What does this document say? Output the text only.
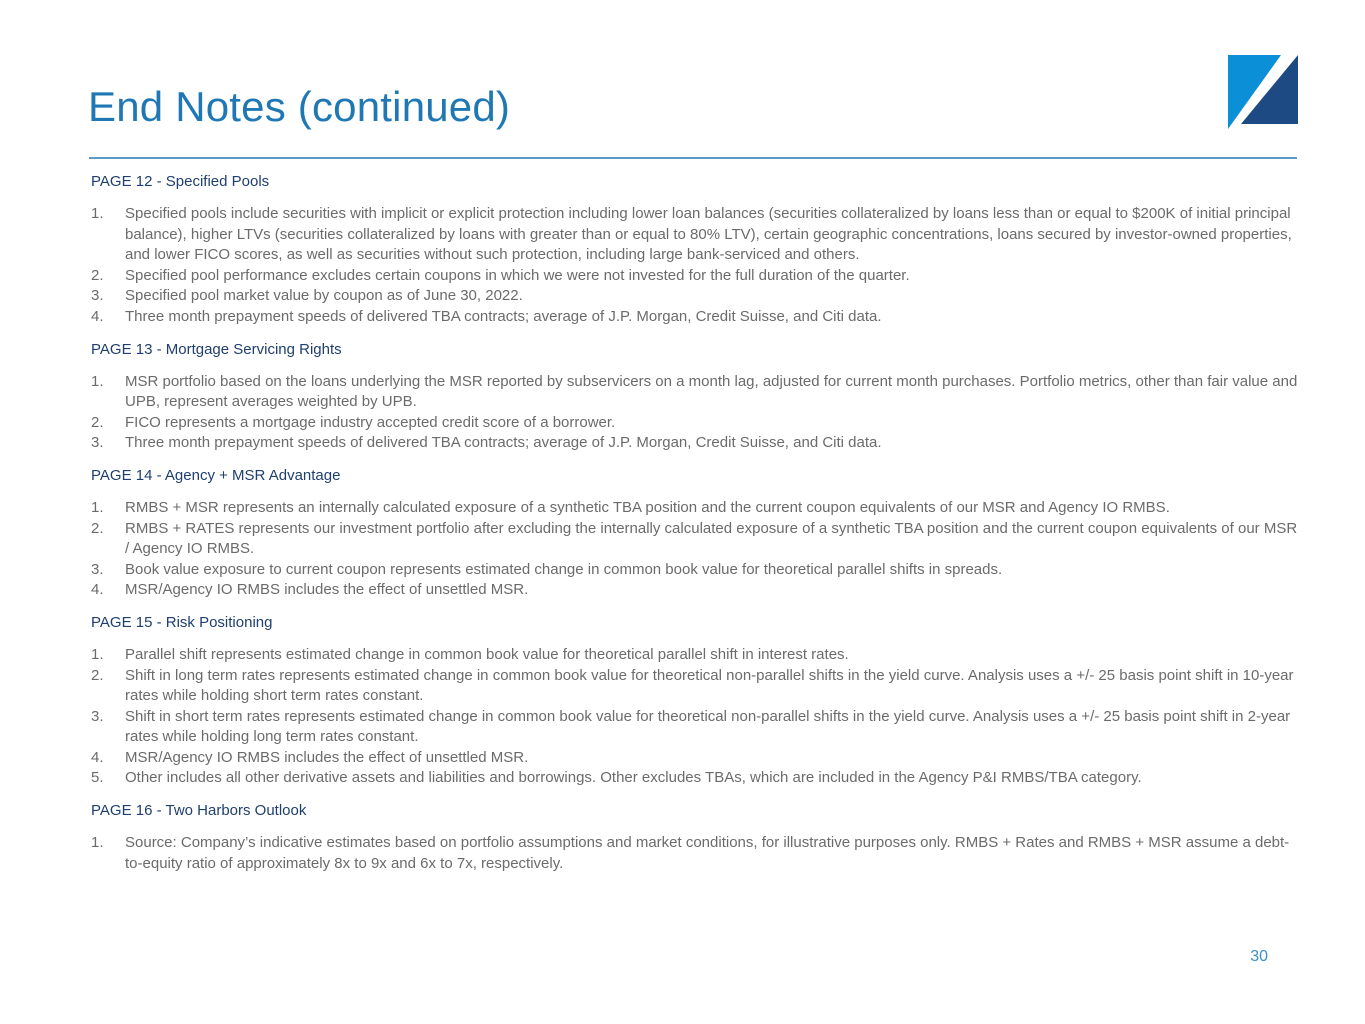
End Notes (continued)
PAGE 12 - Specified Pools
1. Specified pools include securities with implicit or explicit protection including lower loan balances (securities collateralized by loans less than or equal to $200K of initial principal balance), higher LTVs (securities collateralized by loans with greater than or equal to 80% LTV), certain geographic concentrations, loans secured by investor-owned properties, and lower FICO scores, as well as securities without such protection, including large bank-serviced and others.
2. Specified pool performance excludes certain coupons in which we were not invested for the full duration of the quarter.
3. Specified pool market value by coupon as of June 30, 2022.
4. Three month prepayment speeds of delivered TBA contracts; average of J.P. Morgan, Credit Suisse, and Citi data.
PAGE 13 - Mortgage Servicing Rights
1. MSR portfolio based on the loans underlying the MSR reported by subservicers on a month lag, adjusted for current month purchases. Portfolio metrics, other than fair value and UPB, represent averages weighted by UPB.
2. FICO represents a mortgage industry accepted credit score of a borrower.
3. Three month prepayment speeds of delivered TBA contracts; average of J.P. Morgan, Credit Suisse, and Citi data.
PAGE 14 - Agency + MSR Advantage
1. RMBS + MSR represents an internally calculated exposure of a synthetic TBA position and the current coupon equivalents of our MSR and Agency IO RMBS.
2. RMBS + RATES represents our investment portfolio after excluding the internally calculated exposure of a synthetic TBA position and the current coupon equivalents of our MSR / Agency IO RMBS.
3. Book value exposure to current coupon represents estimated change in common book value for theoretical parallel shifts in spreads.
4. MSR/Agency IO RMBS includes the effect of unsettled MSR.
PAGE 15 - Risk Positioning
1. Parallel shift represents estimated change in common book value for theoretical parallel shift in interest rates.
2. Shift in long term rates represents estimated change in common book value for theoretical non-parallel shifts in the yield curve. Analysis uses a +/- 25 basis point shift in 10-year rates while holding short term rates constant.
3. Shift in short term rates represents estimated change in common book value for theoretical non-parallel shifts in the yield curve. Analysis uses a +/- 25 basis point shift in 2-year rates while holding long term rates constant.
4. MSR/Agency IO RMBS includes the effect of unsettled MSR.
5. Other includes all other derivative assets and liabilities and borrowings. Other excludes TBAs, which are included in the Agency P&I RMBS/TBA category.
PAGE 16 - Two Harbors Outlook
1. Source: Company’s indicative estimates based on portfolio assumptions and market conditions, for illustrative purposes only. RMBS + Rates and RMBS + MSR assume a debt-to-equity ratio of approximately 8x to 9x and 6x to 7x, respectively.
30
